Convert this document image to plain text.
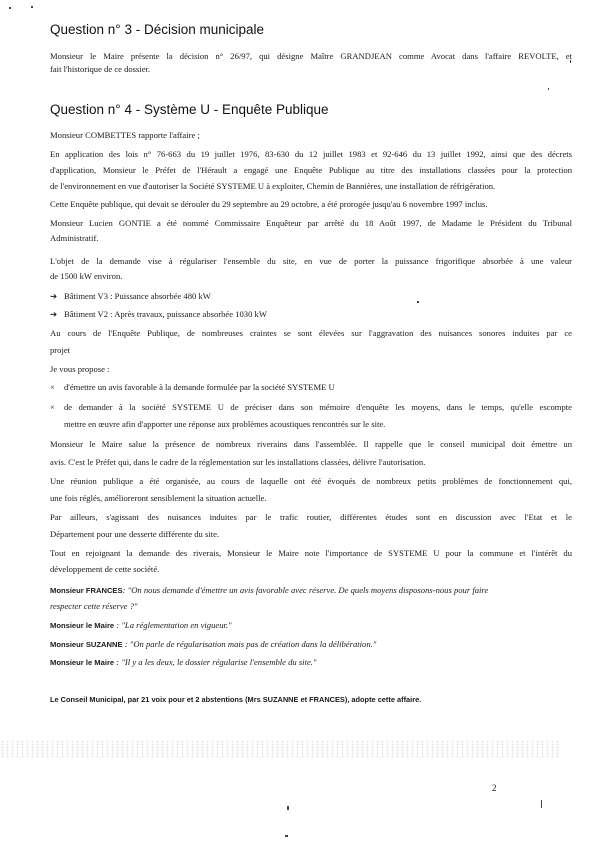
Question n° 3 - Décision municipale
Monsieur le Maire présente la décision n° 26/97, qui désigne Maître GRANDJEAN comme Avocat dans l'affaire REVOLTE, et
fait l'historique de ce dossier.
Question n° 4 - Système U - Enquête Publique
Monsieur COMBETTES rapporte l'affaire ;
En application des lois n° 76-663 du 19 juillet 1976, 83-630 du 12 juillet 1983 et 92-646 du 13 juillet 1992, ainsi que des décrets
d'application, Monsieur le Préfet de l'Hérault a engagé une Enquête Publique au titre des installations classées pour la protection
de l'environnement en vue d'autoriser la Société SYSTEME U à exploiter, Chemin de Bannières, une installation de réfrigération.
Cette Enquête publique, qui devait se dérouler du 29 septembre au 29 octobre, a été prorogée jusqu'au 6 novembre 1997 inclus.
Monsieur Lucien GONTIE a été nommé Commissaire Enquêteur par arrêté du 18 Août 1997, de Madame le Président du Tribunal
Administratif.
L'objet de la demande vise à régulariser l'ensemble du site, en vue de porter la puissance frigorifique absorbée à une valeur
de 1500 kW environ.
➔ Bâtiment V3 : Puissance absorbée 480 kW
➔ Bâtiment V2 : Après travaux, puissance absorbée 1030 kW
Au cours de l'Enquête Publique, de nombreuses craintes se sont élevées sur l'aggravation des nuisances sonores induites par ce
projet
Je vous propose :
× d'émettre un avis favorable à la demande formulée par la société SYSTEME U
× de demander à la société SYSTEME U de préciser dans son mémoire d'enquête les moyens, dans le temps, qu'elle escompte
mettre en œuvre afin d'apporter une réponse aux problèmes acoustiques rencontrés sur le site.
Monsieur le Maire salue la présence de nombreux riverains dans l'assemblée. Il rappelle que le conseil municipal doit émettre un
avis. C'est le Préfet qui, dans le cadre de la réglementation sur les installations classées, délivre l'autorisation.
Une réunion publique a été organisée, au cours de laquelle ont été évoqués de nombreux petits problèmes de fonctionnement qui,
une fois réglés, amélioreront sensiblement la situation actuelle.
Par ailleurs, s'agissant des nuisances induites par le trafic routier, différentes études sont en discussion avec l'Etat et le
Département pour une desserte différente du site.
Tout en rejoignant la demande des riverais, Monsieur le Maire note l'importance de SYSTEME U pour la commune et l'intérêt du
développement de cette société.
Monsieur FRANCES: "On nous demande d'émettre un avis favorable avec réserve. De quels moyens disposons-nous pour faire
respecter cette réserve ?"
Monsieur le Maire : "La réglementation en vigueur."
Monsieur SUZANNE : "On parle de régularisation mais pas de création dans la délibération."
Monsieur le Maire : "Il y a les deux, le dossier régularise l'ensemble du site."
Le Conseil Municipal, par 21 voix pour et 2 abstentions (Mrs SUZANNE et FRANCES), adopte cette affaire.
2
